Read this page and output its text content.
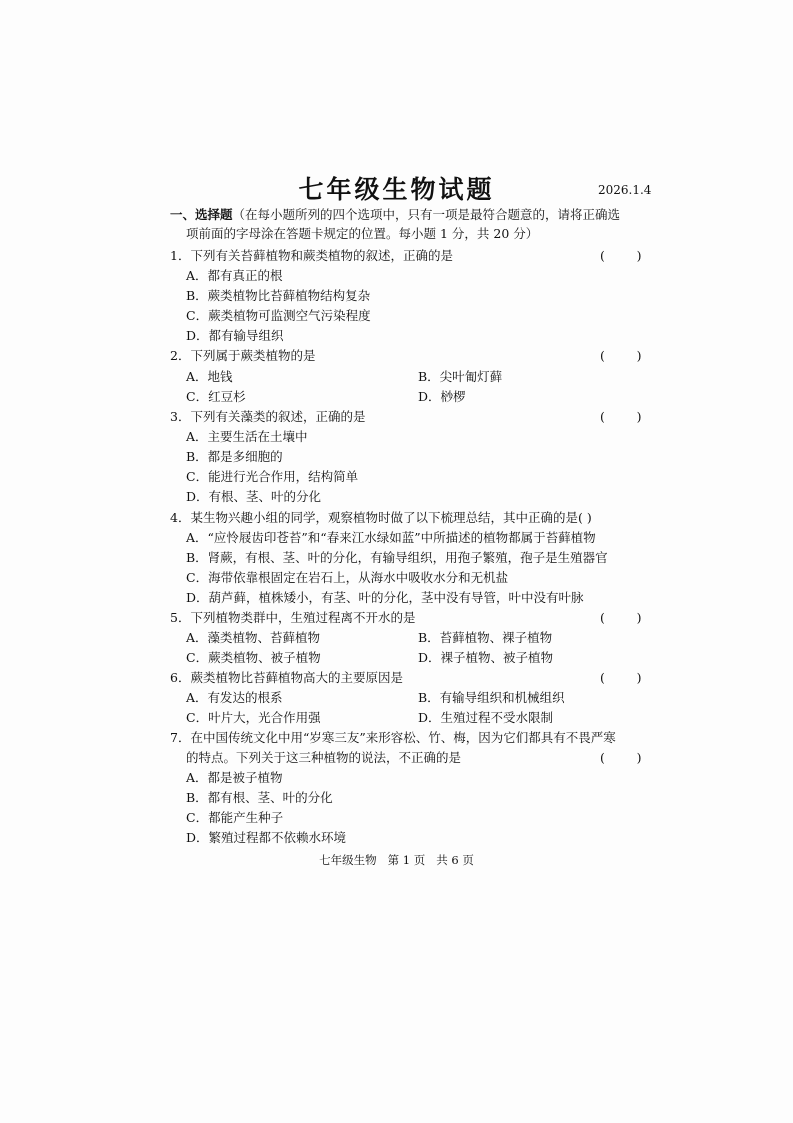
七年级生物试题	2026.1.4
一、选择题（在每小题所列的四个选项中，只有一项是最符合题意的，请将正确选
项前面的字母涂在答题卡规定的位置。每小题 1 分，共 20 分）
1．下列有关苔藓植物和蕨类植物的叙述，正确的是	(        )
A．都有真正的根
B．蕨类植物比苔藓植物结构复杂
C．蕨类植物可监测空气污染程度
D．都有输导组织
2．下列属于蕨类植物的是	(        )
A．地钱	B．尖叶匍灯藓
C．红豆杉	D．桫椤
3．下列有关藻类的叙述，正确的是	(        )
A．主要生活在土壤中
B．都是多细胞的
C．能进行光合作用，结构简单
D．有根、茎、叶的分化
4．某生物兴趣小组的同学，观察植物时做了以下梳理总结，其中正确的是( )
A．“应怜屐齿印苍苔”和“春来江水绿如蓝”中所描述的植物都属于苔藓植物
B．肾蕨，有根、茎、叶的分化，有输导组织，用孢子繁殖，孢子是生殖器官
C．海带依靠根固定在岩石上，从海水中吸收水分和无机盐
D．葫芦藓，植株矮小，有茎、叶的分化，茎中没有导管，叶中没有叶脉
5．下列植物类群中，生殖过程离不开水的是	(        )
A．藻类植物、苔藓植物	B．苔藓植物、裸子植物
C．蕨类植物、被子植物	D．裸子植物、被子植物
6．蕨类植物比苔藓植物高大的主要原因是	(        )
A．有发达的根系	B．有输导组织和机械组织
C．叶片大，光合作用强	D．生殖过程不受水限制
7．在中国传统文化中用“岁寒三友”来形容松、竹、梅，因为它们都具有不畏严寒
的特点。下列关于这三种植物的说法，不正确的是	(        )
A．都是被子植物
B．都有根、茎、叶的分化
C．都能产生种子
D．繁殖过程都不依赖水环境
七年级生物   第 1 页   共 6 页
